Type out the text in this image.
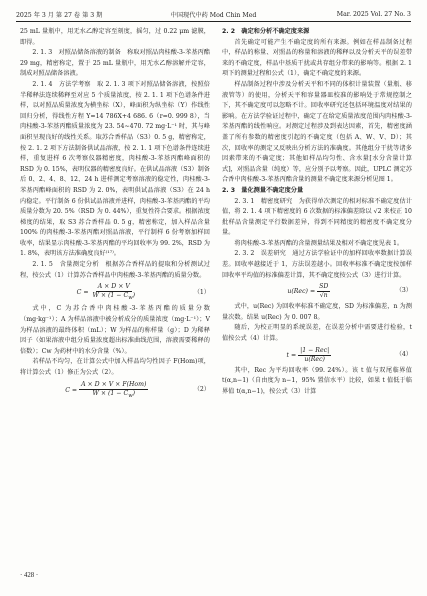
2025 年 3 月 第 27 卷 第 3 期	中国现代中药 Mod Chin Med	Mar. 2025 Vol. 27 No. 3

25 mL 量瓶中，用无水乙醇定容至刻度，摇匀，过 0.22 μm 滤膜，即得。

2. 1. 3　对照品储备溶液的制备　称取对照品肉桂酸-3-苯基丙酯 29 mg，精密称定，置于 25 mL 量瓶中，用无水乙醇溶解并定容，制成对照品储备溶液。

2. 1. 4　方法学考察　取 2. 1. 3 项下对照品储备溶液，按照倍半稀释法连续稀释至对应 5 个质量浓度，按 2. 1. 1 项下色谱条件进样，以对照品质量浓度为横坐标（X），峰面积为纵坐标（Y）作线性回归分析，得线性方程 Y=14 786X+4 686. 6（r=0. 999 8），当肉桂酸-3-苯基丙酯质量浓度为 23. 54~470. 72 mg·L⁻¹ 时，其与峰面积呈现良好的线性关系。取苏合香样品（S3）0. 5 g，精密称定，按 2. 1. 2 项下方法制备供试品溶液，按 2. 1. 1 项下色谱条件连续进样，重复进样 6 次考察仪器精密度，肉桂酸-3-苯基丙酯峰面积的 RSD 为 0. 15%，表明仪器的精密度良好。在供试品溶液（S3）制备后 0、2、4、8、12、24 h 进样测定考察溶液的稳定性，肉桂酸-3-苯基丙酯峰面积的 RSD 为 2. 0%，表明供试品溶液（S3）在 24 h 内稳定。平行制备 6 份供试品溶液并进样，肉桂酸-3-苯基丙酯的平均质量分数为 20. 5%（RSD 为 0. 44%），重复性符合要求。根据浓度梯度的结果，取 S3 苏合香样品 0. 5 g，精密称定，加入样品含量 100% 的肉桂酸-3-苯基丙酯对照品溶液，平行制样 6 份考察加样回收率，结果显示肉桂酸-3-苯基丙酯的平均回收率为 99. 2%，RSD 为 1. 8%，表明该方法准确度良好⁽¹⁷⁾。

2. 1. 5　含量测定分析　根据苏合香样品的提取和分析测试过程，按公式（1）计算苏合香样品中肉桂酸-3-苯基丙酯的质量分数。

$C = \frac{A \times D \times V}{W \times (1 - C_w)}$	（1）

式中，C 为苏合香中肉桂酸-3-苯基丙酯的质量分数（mg·kg⁻¹）；A 为样品溶液中被分析成分的质量浓度（mg·L⁻¹）；V 为样品溶液的最终体积（mL）；W 为样品的称样量（g）；D 为稀释因子（如果溶液中组分质量浓度超出标准曲线范围，溶液需要稀释的倍数）；Cw 为药材中的水分含量（%）。

若样品不均匀，在计算公式中加入样品均匀性因子 F(Hom)项，将计算公式（1）修正为公式（2）。

$C = \frac{\text{A × D × V × F(Hom)}}{W \times (1 - C_w)}$	（2）

2. 2　确定和分析不确定度来源

首先确定可能产生不确定度的所有来源。例如在样品制备过程中，样品的称量、对照品的称量和溶液的稀释以及分析天平的误差带来的不确定度，样品中基质干扰或共存组分带来的影响等。根据 2. 1 项下的测量过程和公式（1），确定不确定度的来源。

样品制备过程中涉及分析天平和不同的体积计量装置（量瓶、移液管等）的使用，分析天平和容量器皿校准的影响处于常规控制之下，其不确定度可以忽略不计。回收率研究还包括环境温度对结果的影响。在方法学验证过程中，确定了在给定质量浓度范围内肉桂酸-3-苯基丙酯的线性响应。对测定过程涉及到表达因素，首先，精密度涵盖了所有参数的精密度引起的不确定度（包括 A、W、V、D）；其次，回收率的测定又反映出分析方法的准确度。其他组分干扰等诸多因素带来的不确定度；其他如样品均匀性、含水量[水分含量计算式]，对照品含量（纯度）等，应分别予以考察。因此，UPLC 测定苏合香中肉桂酸-3-苯基丙酯含量的测量不确定度来源分析见图 1。

2. 3　量化测量不确定度分量

2. 3. 1　精密度研究　为获得单次测定的相对标准不确定度估计值，将 2. 1. 4 项下精密度的 6 次数据的标准偏差除以 √2 来校正 10 批样品含量测定平行数据差异，得到不同精度的精密度不确定度分量。

将肉桂酸-3-苯基丙酯的含量测量结果及相对不确定度见表 1。

2. 3. 2　误差研究　通过方法学验证中的加样回收率数据计算误差。回收率越接近于 1，方法误差越小。回收率标准不确定度按加样回收率平均值的标准偏差计算，其不确定度按公式（3）进行计算。

$u(Rec) = \frac{SD}{√n}$	（3）

式中，u(Rec) 为回收率标准不确定度，SD 为标准偏差，n 为测量次数。结果 u(Rec) 为 0. 007 8。

随后，为校正明显的系统误差，在误差分析中需要进行检验，t 值按公式（4）计算。

$t = \frac{\text{|1 − Rec|}}{\text{u(Rec)}}$	（4）

其中，Rec 为平均回收率（99. 24%）。该 t 值与双尾临界值 t(α,n−1)（自由度为 n−1，95% 置信水平）比较，如果 t 值低于临界值 t(α,n−1)，按公式（3）计算

· 428 ·
